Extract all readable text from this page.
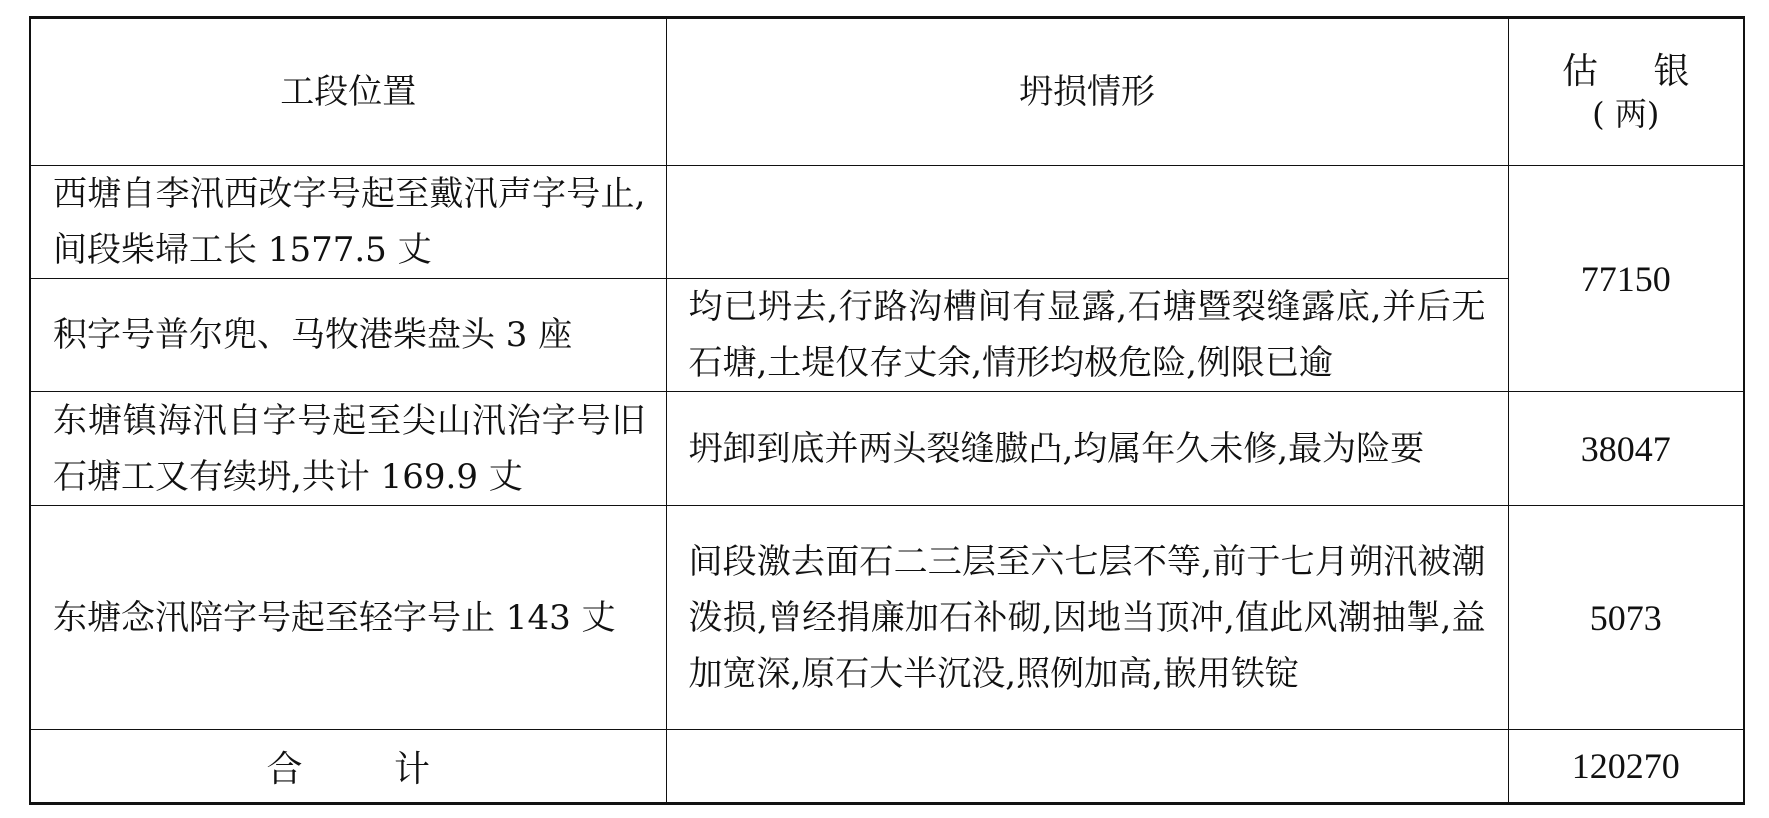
工段位置	坍损情形	估 银
( 两)

西塘自李汛西改字号起至戴汛声字号止,间段柴埽工长 1577.5 丈		77150
积字号普尔兜、马牧港柴盘头 3 座	均已坍去,行路沟槽间有显露,石塘暨裂缝露底,并后无石塘,土堤仅存丈余,情形均极危险,例限已逾	
东塘镇海汛自字号起至尖山汛治字号旧石塘工又有续坍,共计 169.9 丈	坍卸到底并两头裂缝臌凸,均属年久未修,最为险要	38047
东塘念汛陪字号起至轻字号止 143 丈	间段激去面石二三层至六七层不等,前于七月朔汛被潮泼损,曾经捐廉加石补砌,因地当顶冲,值此风潮抽掣,益加宽深,原石大半沉没,照例加高,嵌用铁锭	5073
合 计		120270
